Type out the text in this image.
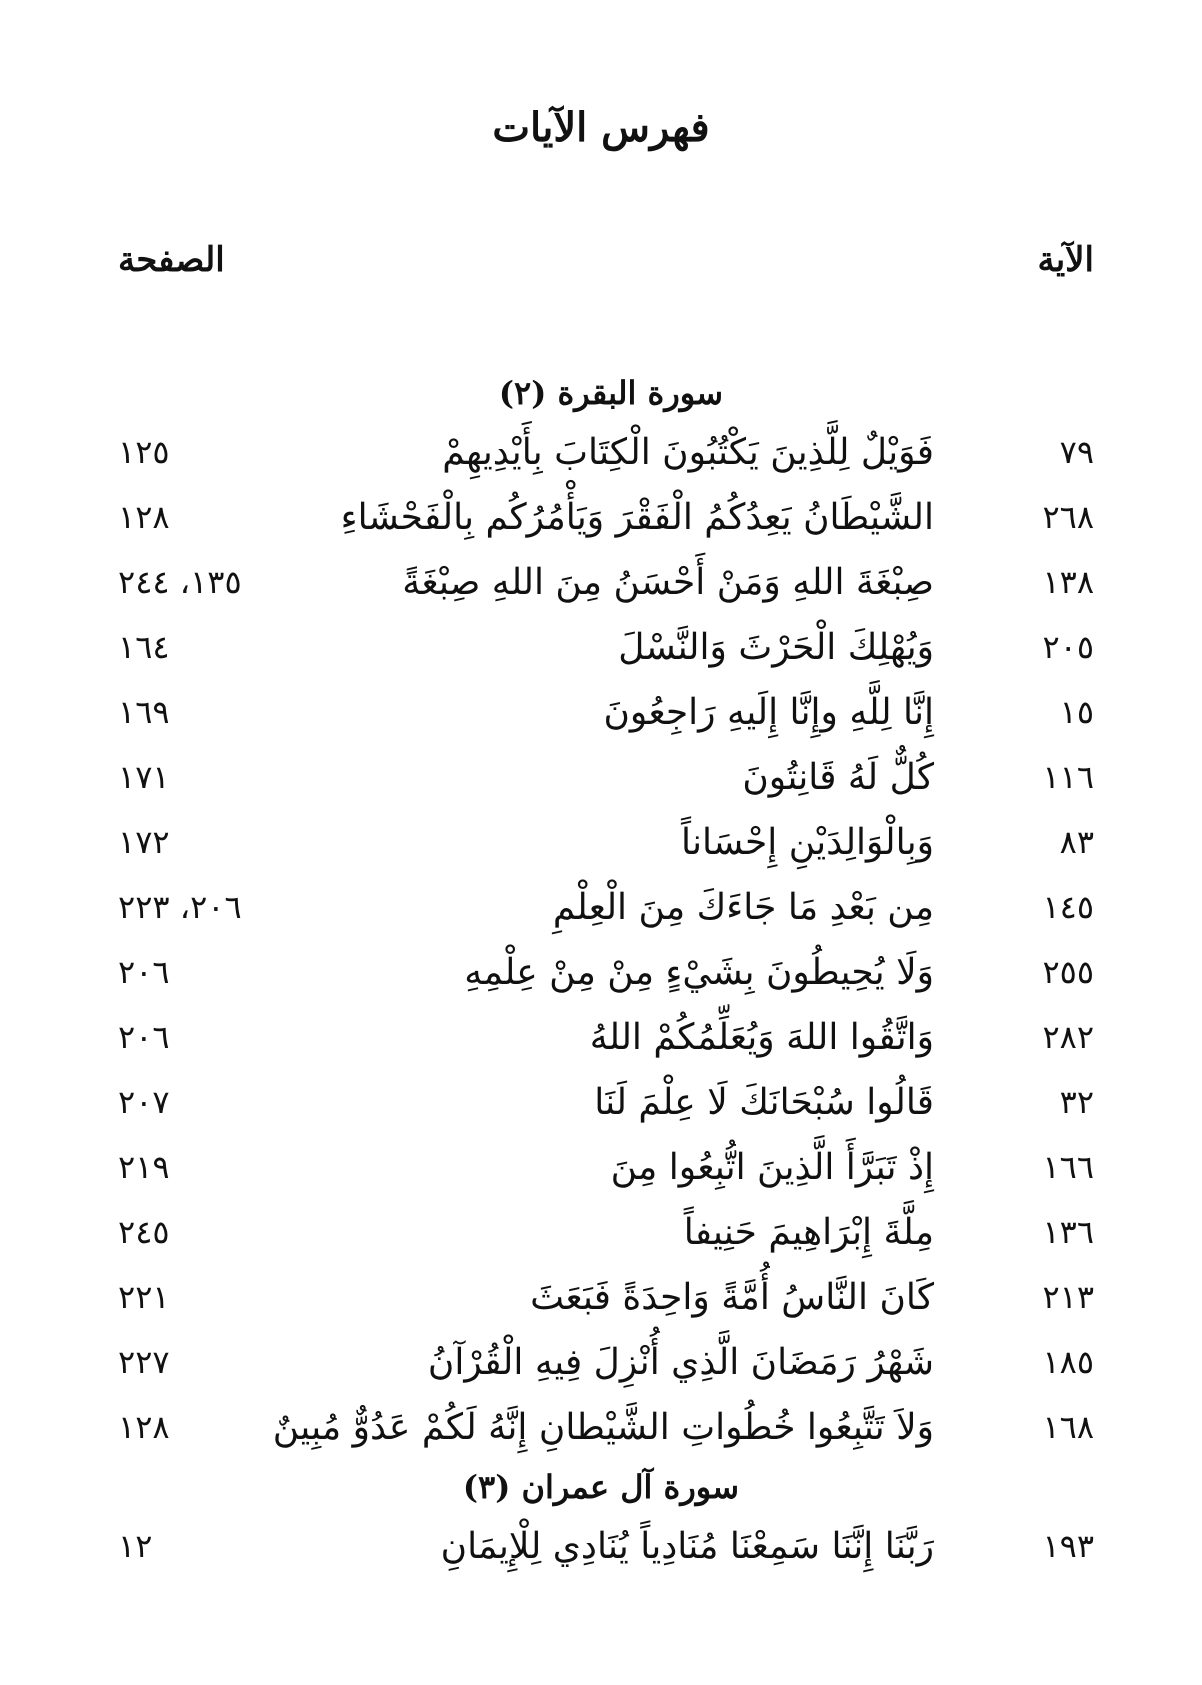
فهرس الآيات
الآية
الصفحة
سورة البقرة (٢)
٧٩
فَوَيْلٌ لِلَّذِينَ يَكْتُبُونَ الْكِتَابَ بِأَيْدِيهِمْ
١٢٥
٢٦٨
الشَّيْطَانُ يَعِدُكُمُ الْفَقْرَ وَيَأْمُرُكُم بِالْفَحْشَاءِ
١٢٨
١٣٨
صِبْغَةَ اللهِ وَمَنْ أَحْسَنُ مِنَ اللهِ صِبْغَةً
١٣٥، ٢٤٤
٢٠٥
وَيُهْلِكَ الْحَرْثَ وَالنَّسْلَ
١٦٤
١٥
إِنَّا لِلَّهِ وإِنَّا إِلَيهِ رَاجِعُونَ
١٦٩
١١٦
كُلٌّ لَهُ قَانِتُونَ
١٧١
٨٣
وَبِالْوَالِدَيْنِ إِحْسَاناً
١٧٢
١٤٥
مِن بَعْدِ مَا جَاءَكَ مِنَ الْعِلْمِ
٢٠٦، ٢٢٣
٢٥٥
وَلَا يُحِيطُونَ بِشَيْءٍ مِنْ مِنْ عِلْمِهِ
٢٠٦
٢٨٢
وَاتَّقُوا اللهَ وَيُعَلِّمُكُمْ اللهُ
٢٠٦
٣٢
قَالُوا سُبْحَانَكَ لَا عِلْمَ لَنَا
٢٠٧
١٦٦
إِذْ تَبَرَّأَ الَّذِينَ اتُّبِعُوا مِنَ
٢١٩
١٣٦
مِلَّةَ إِبْرَاهِيمَ حَنِيفاً
٢٤٥
٢١٣
كَانَ النَّاسُ أُمَّةً وَاحِدَةً فَبَعَثَ
٢٢١
١٨٥
شَهْرُ رَمَضَانَ الَّذِي أُنْزِلَ فِيهِ الْقُرْآنُ
٢٢٧
١٦٨
وَلاَ تَتَّبِعُوا خُطُواتِ الشَّيْطانِ إِنَّهُ لَكُمْ عَدُوٌّ مُبِينٌ
١٢٨
سورة آل عمران (٣)
١٩٣
رَبَّنَا إِنَّنَا سَمِعْنَا مُنَادِياً يُنَادِي لِلْإِيمَانِ
١٢
